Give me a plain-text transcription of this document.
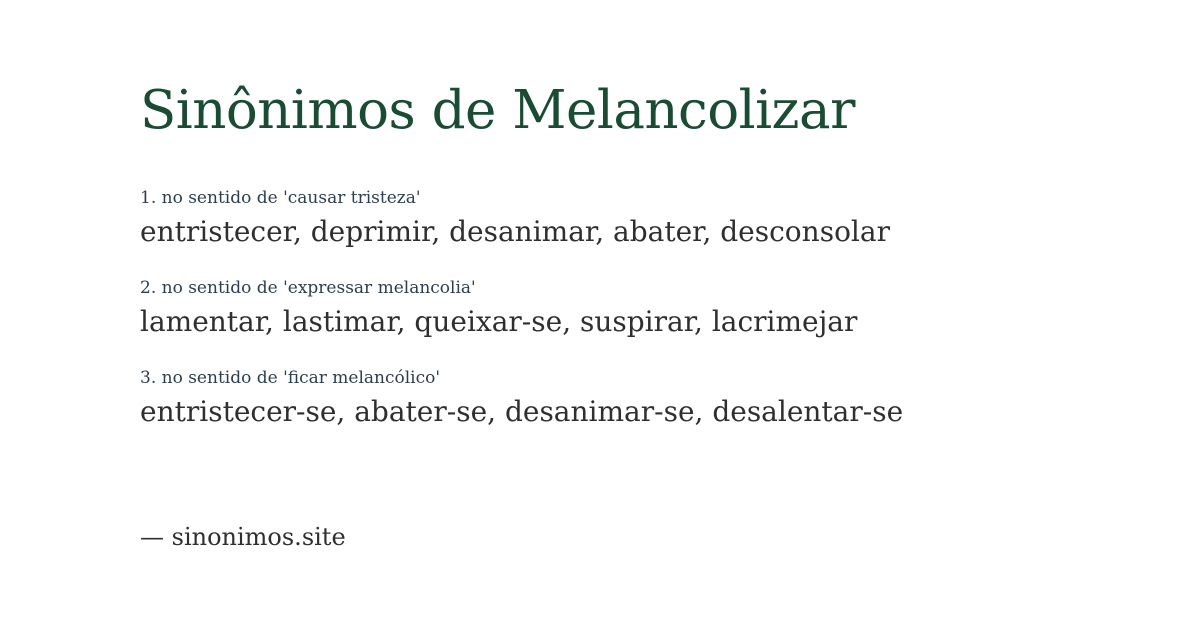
Sinônimos de Melancolizar
1. no sentido de 'causar tristeza'
entristecer, deprimir, desanimar, abater, desconsolar
2. no sentido de 'expressar melancolia'
lamentar, lastimar, queixar-se, suspirar, lacrimejar
3. no sentido de 'ficar melancólico'
entristecer-se, abater-se, desanimar-se, desalentar-se
— sinonimos.site
